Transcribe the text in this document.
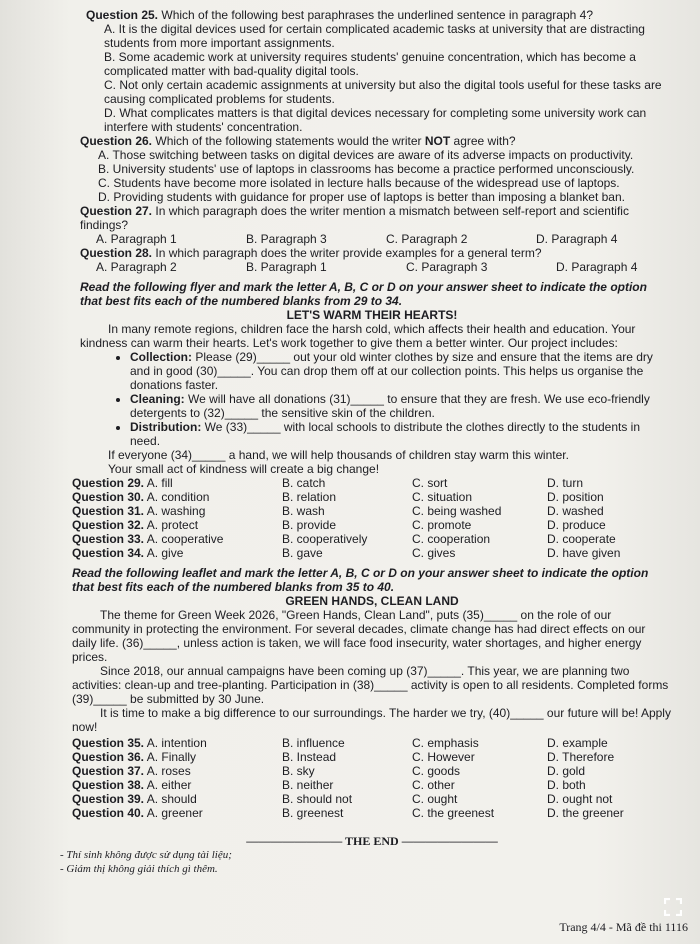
Question 25. Which of the following best paraphrases the underlined sentence in paragraph 4?

A. It is the digital devices used for certain complicated academic tasks at university that are distracting students from more important assignments.

B. Some academic work at university requires students' genuine concentration, which has become a complicated matter with bad-quality digital tools.

C. Not only certain academic assignments at university but also the digital tools useful for these tasks are causing complicated problems for students.

D. What complicates matters is that digital devices necessary for completing some university work can interfere with students' concentration.

Question 26. Which of the following statements would the writer NOT agree with?

A. Those switching between tasks on digital devices are aware of its adverse impacts on productivity.

B. University students' use of laptops in classrooms has become a practice performed unconsciously.

C. Students have become more isolated in lecture halls because of the widespread use of laptops.

D. Providing students with guidance for proper use of laptops is better than imposing a blanket ban.

Question 27. In which paragraph does the writer mention a mismatch between self-report and scientific findings?

A. Paragraph 1	B. Paragraph 3	C. Paragraph 2	D. Paragraph 4

Question 28. In which paragraph does the writer provide examples for a general term?

A. Paragraph 2	B. Paragraph 1	C. Paragraph 3	D. Paragraph 4

Read the following flyer and mark the letter A, B, C or D on your answer sheet to indicate the option that best fits each of the numbered blanks from 29 to 34.

LET'S WARM THEIR HEARTS!

In many remote regions, children face the harsh cold, which affects their health and education. Your kindness can warm their hearts. Let's work together to give them a better winter. Our project includes:

• Collection: Please (29)_____ out your old winter clothes by size and ensure that the items are dry and in good (30)_____. You can drop them off at our collection points. This helps us organise the donations faster.
• Cleaning: We will have all donations (31)_____ to ensure that they are fresh. We use eco-friendly detergents to (32)_____ the sensitive skin of the children.
• Distribution: We (33)_____ with local schools to distribute the clothes directly to the students in need.

If everyone (34)_____ a hand, we will help thousands of children stay warm this winter.

Your small act of kindness will create a big change!

Question 29. A. fill	B. catch	C. sort	D. turn
Question 30. A. condition	B. relation	C. situation	D. position
Question 31. A. washing	B. wash	C. being washed	D. washed
Question 32. A. protect	B. provide	C. promote	D. produce
Question 33. A. cooperative	B. cooperatively	C. cooperation	D. cooperate
Question 34. A. give	B. gave	C. gives	D. have given

Read the following leaflet and mark the letter A, B, C or D on your answer sheet to indicate the option that best fits each of the numbered blanks from 35 to 40.

GREEN HANDS, CLEAN LAND

The theme for Green Week 2026, "Green Hands, Clean Land", puts (35)_____ on the role of our community in protecting the environment. For several decades, climate change has had direct effects on our daily life. (36)_____, unless action is taken, we will face food insecurity, water shortages, and higher energy prices.

Since 2018, our annual campaigns have been coming up (37)_____. This year, we are planning two activities: clean-up and tree-planting. Participation in (38)_____ activity is open to all residents. Completed forms (39)_____ be submitted by 30 June.

It is time to make a big difference to our surroundings. The harder we try, (40)_____ our future will be! Apply now!

Question 35. A. intention	B. influence	C. emphasis	D. example
Question 36. A. Finally	B. Instead	C. However	D. Therefore
Question 37. A. roses	B. sky	C. goods	D. gold
Question 38. A. either	B. neither	C. other	D. both
Question 39. A. should	B. should not	C. ought	D. ought not
Question 40. A. greener	B. greenest	C. the greenest	D. the greener

———————— THE END ————————

- Thí sinh không được sử dụng tài liệu;

- Giám thị không giải thích gì thêm.

Trang 4/4 - Mã đề thi 1116
